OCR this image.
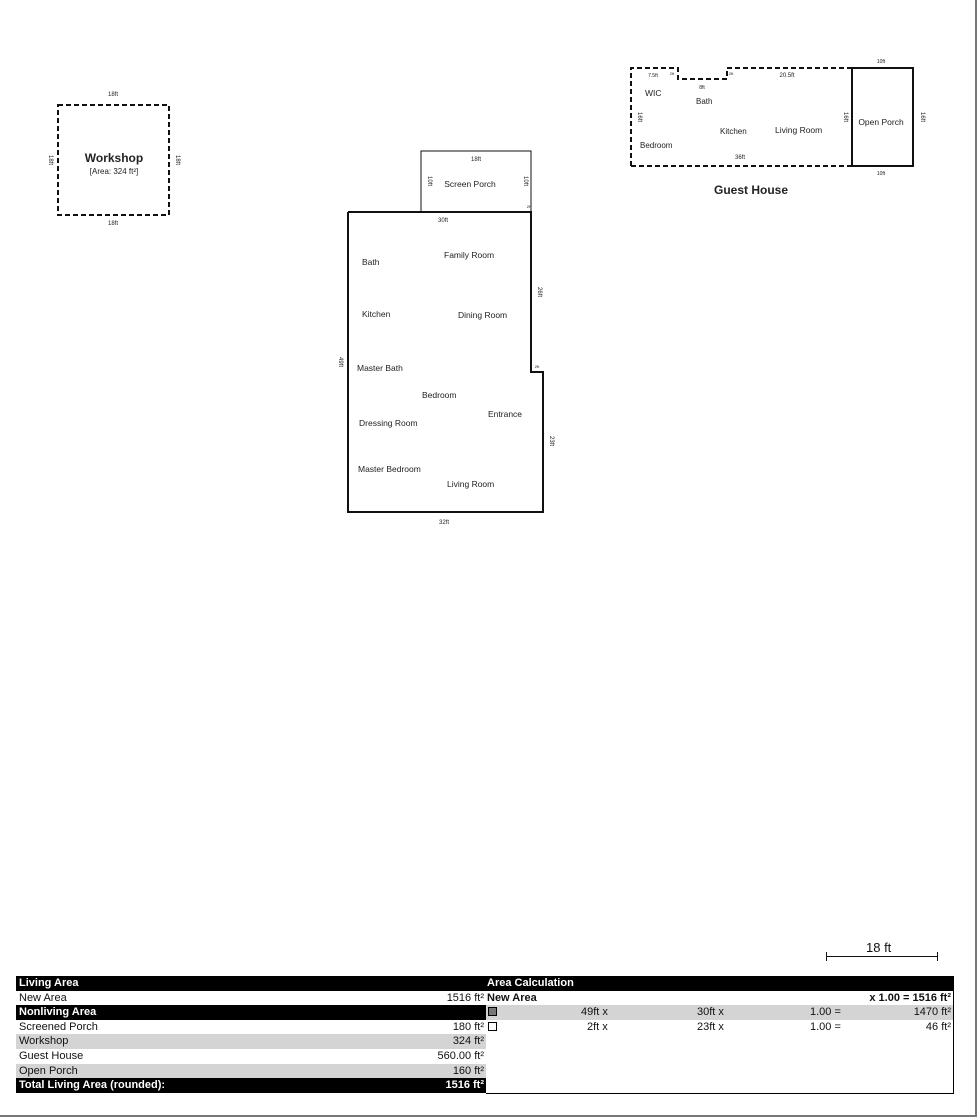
18ft
18ft
18ft	18ft
Workshop
[Area: 324 ft²]
18ft
10ft	10ft
2ft
Screen Porch
30ft
26ft
49ft
23ft
32ft
2ft
Bath
Family Room
Kitchen	Dining Room
Master Bath
Bedroom
Entrance
Dressing Room
Master Bedroom
Living Room
7.5ft	2ft
8ft
2ft	20.5ft
16ft	16ft
36ft
10ft
10ft
16ft
WIC
Bath
Kitchen	Living Room
Bedroom
Open Porch
Guest House
18 ft
Living Area
New Area	1516 ft²
Nonliving Area
Screened Porch	180 ft²
Workshop	324 ft²
Guest House	560.00 ft²
Open Porch	160 ft²
Total Living Area (rounded):	1516 ft²
Area Calculation
New Area	x 1.00 = 1516 ft²
49ft x	30ft x	1.00 =	1470 ft²
2ft x	23ft x	1.00 =	46 ft²
